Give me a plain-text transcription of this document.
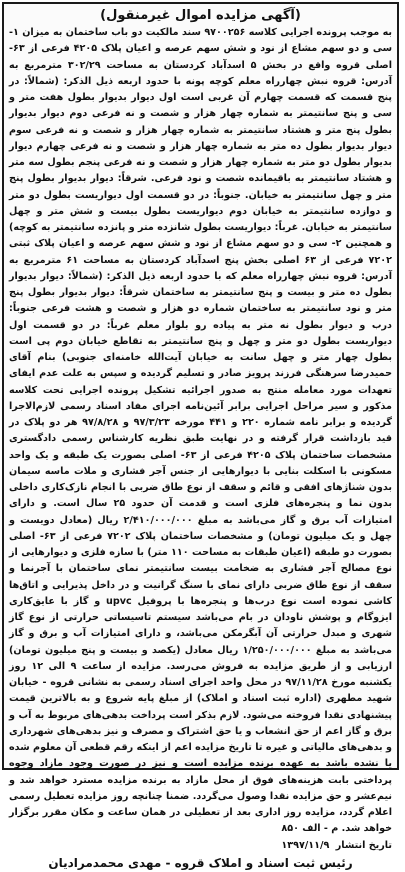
(آگهی مزایده اموال غیرمنقول)

به موجب پرونده اجرایی کلاسه ۹۷۰۰۲۵۶ سند مالکیت دو باب ساختمان به میزان ۱- سی و دو سهم مشاع از نود و شش سهم عرصه و اعیان پلاک ۴۲۰۵ فرعی از ۶۳- اصلی قروه واقع در بخش ۵ اسدآباد کردستان به مساحت ۳۰۲/۲۹ مترمربع به آدرس: قروه نبش چهارراه معلم کوچه پونه با حدود اربعه ذیل الذکر: (شمالاً: در پنج قسمت که قسمت چهارم آن غربی است اول دیوار بدیوار بطول هفت متر و سی و پنج سانتیمتر به شماره چهار هزار و شصت و نه فرعی دوم دیوار بدیوار بطول پنج متر و هشتاد سانتیمتر به شماره چهار هزار و شصت و نه فرعی سوم دیوار بدیوار بطول ده متر به شماره چهار هزار و شصت و نه فرعی چهارم دیوار بدیوار بطول دو متر به شماره چهار هزار و شصت و نه فرعی پنجم بطول سه متر و هشتاد سانتیمتر به باقیمانده شصت و نود فرعی. شرقاً: دیوار بدیوار بطول پنج متر و چهل سانتیمتر به خیابان. جنوباً: در دو قسمت اول دیواریست بطول دو متر و دوازده سانتیمتر به خیابان دوم دیواریست بطول بیست و شش متر و چهل سانتیمتر به خیابان. غرباً: دیواریست بطول شانزده متر و پانزده سانتیمتر به کوچه) و همچنین ۲- سی و دو سهم مشاع از نود و شش سهم عرصه و اعیان پلاک ثبتی ۷۲۰۲ فرعی از ۶۳ اصلی بخش پنج اسدآباد کردستان به مساحت ۶۱ مترمربع به آدرس: قروه نبش چهارراه معلم که با حدود اربعه ذیل الذکر: (شمالاً: دیوار بدیوار بطول ده متر و بیست و پنج سانتیمتر به ساختمان شرقاً: دیوار بدیوار بطول پنج متر و نود سانتیمتر به ساختمان شماره دو هزار و شصت و هشت فرعی جنوباً: درب و دیوار بطول نه متر به پیاده رو بلوار معلم غرباً: در دو قسمت اول دیواریست بطول دو متر و چهل و پنج سانتیمتر به تقاطع خیابان دوم پی است بطول چهار متر و چهل سانت به خیابان آیت‌الله خامنه‌ای جنوبی) بنام آقای حمیدرضا سرهنگی فرزند پرویز صادر و تسلیم گردیده و سپس به علت عدم ایفای تعهدات مورد معامله منتج به صدور اجرائیه تشکیل پرونده اجرایی تحت کلاسه مذکور و سیر مراحل اجرایی برابر آئین‌نامه اجرای مفاد اسناد رسمی لازم‌الاجرا گردیده و برابر نامه شماره ۲۲۰ و ۴۴۱ مورخه ۹۷/۳/۲۳ و ۹۷/۸/۲۸ هر دو پلاک در قید بازداشت قرار گرفته و در نهایت طبق نظریه کارشناس رسمی دادگستری مشخصات ساختمان پلاک ۴۲۰۵ فرعی از ۶۳- اصلی بصورت یک طبقه و یک واحد مسکونی با اسکلت بنایی با دیوارهایی از جنس آجر فشاری و ملات ماسه سیمان بدون شناژهای افقی و قائم و سقف از نوع طاق ضربی با انجام نازک‌کاری داخلی بدون نما و پنجره‌های فلزی است و قدمت آن حدود ۲۵ سال است. و دارای امتیازات آب برق و گاز می‌باشد به مبلغ ۲/۴۱۰/۰۰۰/۰۰۰ ریال (معادل دویست و چهل و یک میلیون تومان) و مشخصات ساختمان پلاک ۷۲۰۲ فرعی از ۶۳- اصلی بصورت دو طبقه (اعیان طبقات به مساحت ۱۱۰ متر) با سازه فلزی و دیوارهایی از نوع مصالح آجر فشاری به ضخامت بیست سانتیمتر نمای ساختمان با آجرنما و سقف از نوع طاق ضربی دارای نمای با سنگ گرانیت و در داخل پذیرایی و اتاق‌ها کاشی نموده است نوع درب‌ها و پنجره‌ها با پروفیل upvc و گاز با عایق‌کاری ایزوگام و پوشش ناودان در بام می‌باشد سیستم تاسیساتی حرارتی از نوع گاز شهری و مبدل حرارتی آن آبگرمکن می‌باشد، و دارای امتیازات آب و برق و گاز می‌باشد به مبلغ ۱/۲۵۰/۰۰۰/۰۰۰ ریال معادل (یکصد و بیست و پنج میلیون تومان) ارزیابی و از طریق مزایده به فروش می‌رسد. مزایده از ساعت ۹ الی ۱۲ روز یکشنبه مورخ ۹۷/۱۱/۲۸ در محل واحد اجرای اسناد رسمی به نشانی قروه - خیابان شهید مطهری (اداره ثبت اسناد و املاک) از مبلغ پایه شروع و به بالاترین قیمت پیشنهادی نقدا فروخته می‌شود. لازم بذکر است پرداخت بدهی‌های مربوط به آب و برق و گاز اعم از حق انشعاب و یا حق اشتراک و مصرف و نیز بدهی‌های شهرداری و بدهی‌های مالیاتی و غیره تا تاریخ مزایده اعم از اینکه رقم قطعی آن معلوم شده یا نشده باشد به عهده برنده مزایده است و نیز در صورت وجود مازاد وجوه پرداختی بابت هزینه‌های فوق از محل مازاد به برنده مزایده مسترد خواهد شد و نیم‌عشر و حق مزایده نقدا وصول می‌گردد. ضمنا چنانچه روز مزایده تعطیل رسمی اعلام گردد، مزایده روز اداری بعد از تعطیلی در همان ساعت و مکان مقرر برگزار خواهد شد. م - الف ۸۵۰

تاریخ انتشار ۱۳۹۷/۱۱/۹
رئیس ثبت اسناد و املاک قروه - مهدی محمدمرادیان
